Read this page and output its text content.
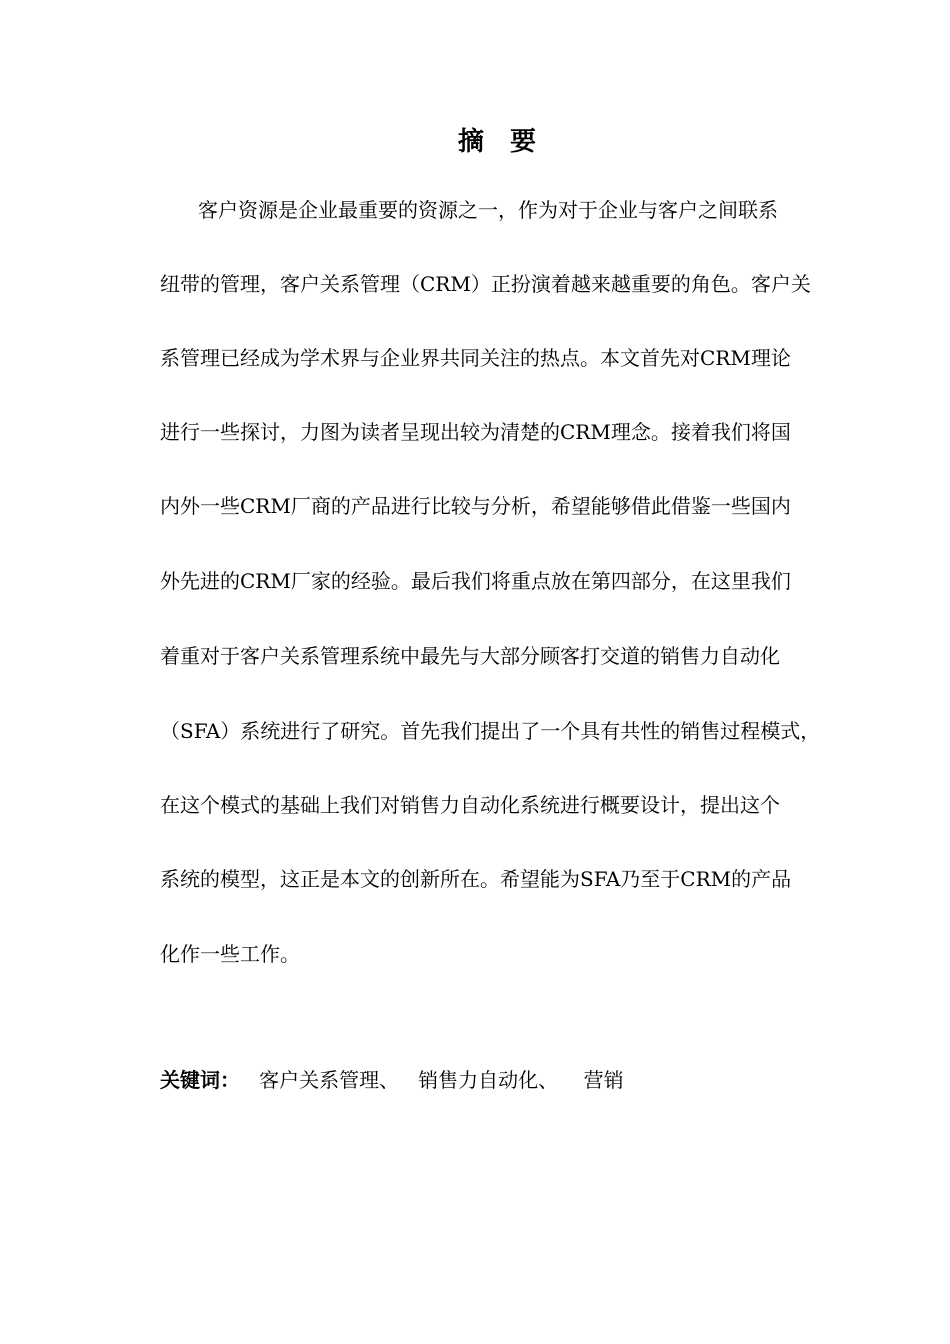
摘要
客户资源是企业最重要的资源之一，作为对于企业与客户之间联系
纽带的管理，客户关系管理（CRM）正扮演着越来越重要的角色。客户关
系管理已经成为学术界与企业界共同关注的热点。本文首先对CRM理论
进行一些探讨，力图为读者呈现出较为清楚的CRM理念。接着我们将国
内外一些CRM厂商的产品进行比较与分析，希望能够借此借鉴一些国内
外先进的CRM厂家的经验。最后我们将重点放在第四部分，在这里我们
着重对于客户关系管理系统中最先与大部分顾客打交道的销售力自动化
（SFA）系统进行了研究。首先我们提出了一个具有共性的销售过程模式，
在这个模式的基础上我们对销售力自动化系统进行概要设计，提出这个
系统的模型，这正是本文的创新所在。希望能为SFA乃至于CRM的产品
化作一些工作。
关键词： 客户关系管理、 销售力自动化、 营销
